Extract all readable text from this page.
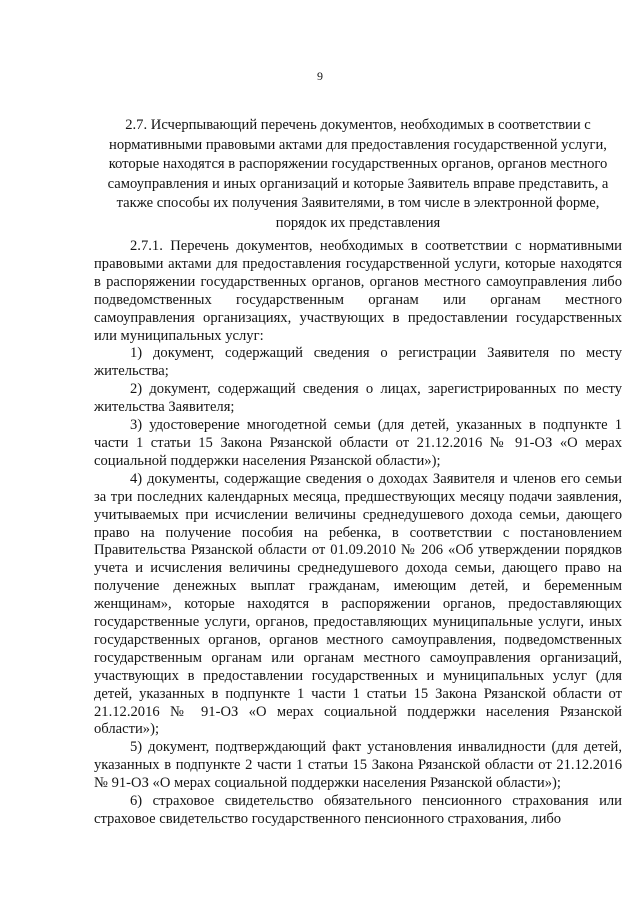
9
2.7. Исчерпывающий перечень документов, необходимых в соответствии с нормативными правовыми актами для предоставления государственной услуги, которые находятся в распоряжении государственных органов, органов местного самоуправления и иных организаций и которые Заявитель вправе представить, а также способы их получения Заявителями, в том числе в электронной форме, порядок их представления

2.7.1. Перечень документов, необходимых в соответствии с нормативными правовыми актами для предоставления государственной услуги, которые находятся в распоряжении государственных органов, органов местного самоуправления либо подведомственных государственным органам или органам местного самоуправления организациях, участвующих в предоставлении государственных или муниципальных услуг:

1) документ, содержащий сведения о регистрации Заявителя по месту жительства;

2) документ, содержащий сведения о лицах, зарегистрированных по месту жительства Заявителя;

3) удостоверение многодетной семьи (для детей, указанных в подпункте 1 части 1 статьи 15 Закона Рязанской области от 21.12.2016 № 91-ОЗ «О мерах социальной поддержки населения Рязанской области»);

4) документы, содержащие сведения о доходах Заявителя и членов его семьи за три последних календарных месяца, предшествующих месяцу подачи заявления, учитываемых при исчислении величины среднедушевого дохода семьи, дающего право на получение пособия на ребенка, в соответствии с постановлением Правительства Рязанской области от 01.09.2010 № 206 «Об утверждении порядков учета и исчисления величины среднедушевого дохода семьи, дающего право на получение денежных выплат гражданам, имеющим детей, и беременным женщинам», которые находятся в распоряжении органов, предоставляющих государственные услуги, органов, предоставляющих муниципальные услуги, иных государственных органов, органов местного самоуправления, подведомственных государственным органам или органам местного самоуправления организаций, участвующих в предоставлении государственных и муниципальных услуг (для детей, указанных в подпункте 1 части 1 статьи 15 Закона Рязанской области от 21.12.2016 № 91-ОЗ «О мерах социальной поддержки населения Рязанской области»);

5) документ, подтверждающий факт установления инвалидности (для детей, указанных в подпункте 2 части 1 статьи 15 Закона Рязанской области от 21.12.2016 № 91-ОЗ «О мерах социальной поддержки населения Рязанской области»);

6) страховое свидетельство обязательного пенсионного страхования или страховое свидетельство государственного пенсионного страхования, либо
